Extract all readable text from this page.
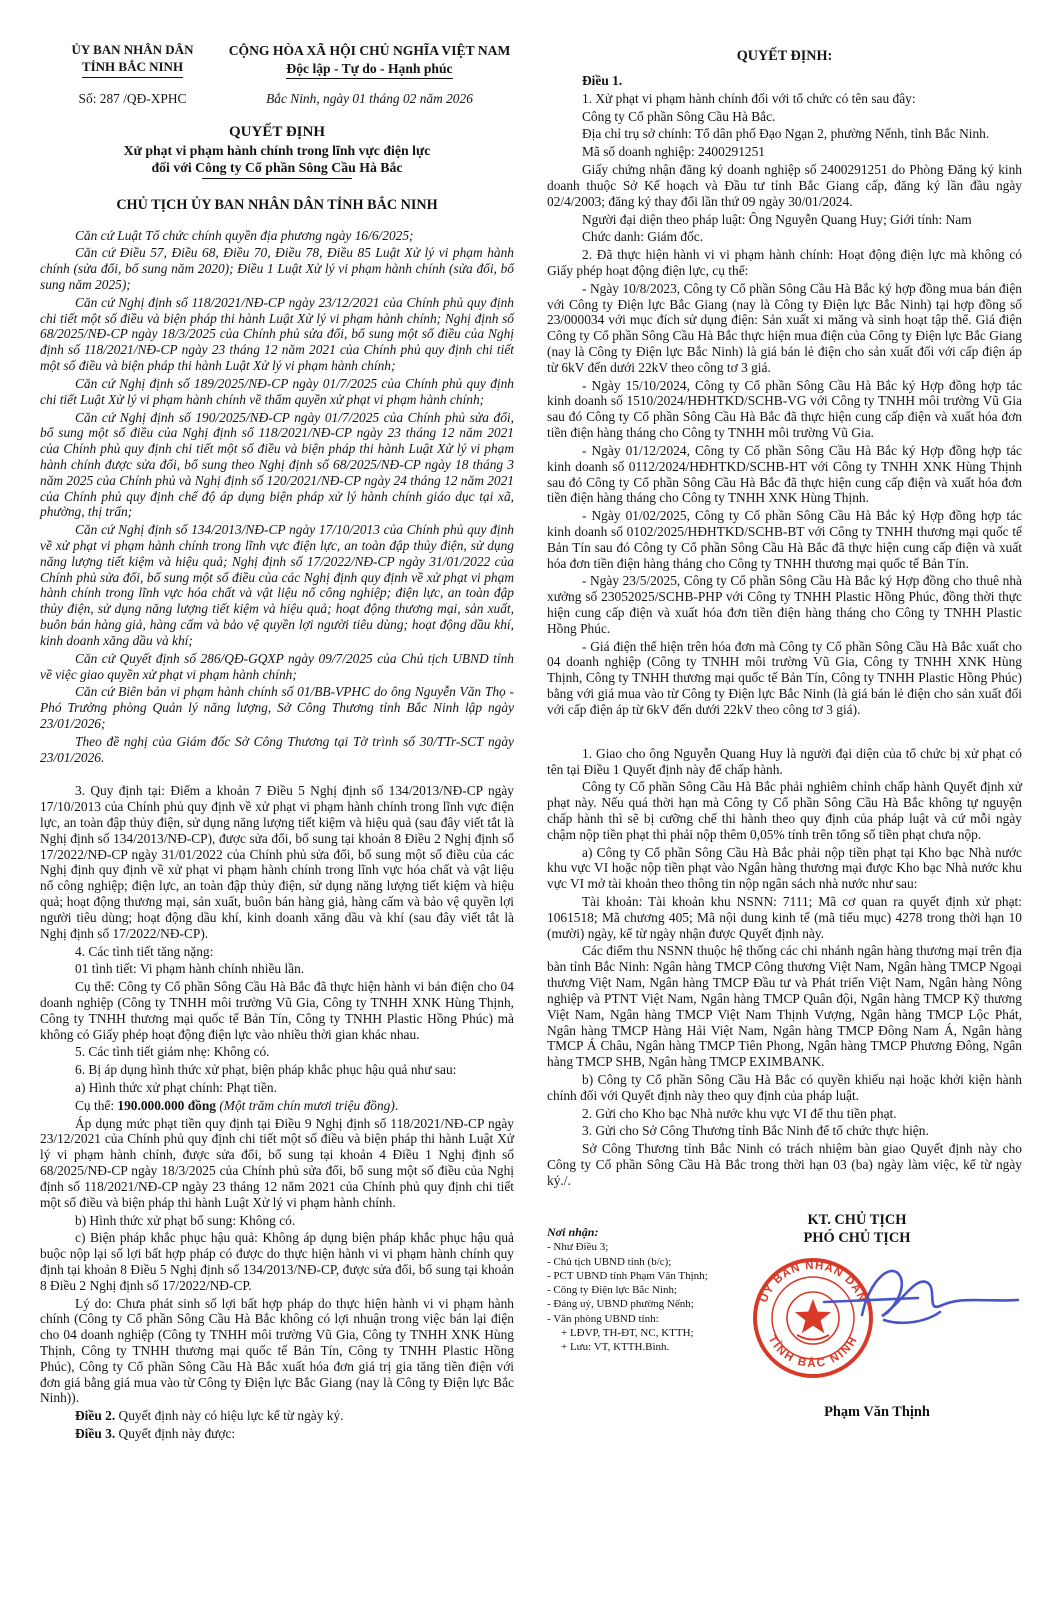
ỦY BAN NHÂN DÂN
TỈNH BẮC NINH
CỘNG HÒA XÃ HỘI CHỦ NGHĨA VIỆT NAM
Độc lập - Tự do - Hạnh phúc
Số: 287 /QĐ-XPHC	Bắc Ninh, ngày 01 tháng 02 năm 2026
QUYẾT ĐỊNH
Xử phạt vi phạm hành chính trong lĩnh vực điện lực
đối với Công ty Cổ phần Sông Cầu Hà Bắc
CHỦ TỊCH ỦY BAN NHÂN DÂN TỈNH BẮC NINH

Căn cứ Luật Tổ chức chính quyền địa phương ngày 16/6/2025;

Căn cứ Điều 57, Điều 68, Điều 70, Điều 78, Điều 85 Luật Xử lý vi phạm hành chính (sửa đổi, bổ sung năm 2020); Điều 1 Luật Xử lý vi phạm hành chính (sửa đổi, bổ sung năm 2025);

Căn cứ Nghị định số 118/2021/NĐ-CP ngày 23/12/2021 của Chính phủ quy định chi tiết một số điều và biện pháp thi hành Luật Xử lý vi phạm hành chính; Nghị định số 68/2025/NĐ-CP ngày 18/3/2025 của Chính phủ sửa đổi, bổ sung một số điều của Nghị định số 118/2021/NĐ-CP ngày 23 tháng 12 năm 2021 của Chính phủ quy định chi tiết một số điều và biện pháp thi hành Luật Xử lý vi phạm hành chính;

Căn cứ Nghị định số 189/2025/NĐ-CP ngày 01/7/2025 của Chính phủ quy định chi tiết Luật Xử lý vi phạm hành chính về thẩm quyền xử phạt vi phạm hành chính;

Căn cứ Nghị định số 190/2025/NĐ-CP ngày 01/7/2025 của Chính phủ sửa đổi, bổ sung một số điều của Nghị định số 118/2021/NĐ-CP ngày 23 tháng 12 năm 2021 của Chính phủ quy định chi tiết một số điều và biện pháp thi hành Luật Xử lý vi phạm hành chính được sửa đổi, bổ sung theo Nghị định số 68/2025/NĐ-CP ngày 18 tháng 3 năm 2025 của Chính phủ và Nghị định số 120/2021/NĐ-CP ngày 24 tháng 12 năm 2021 của Chính phủ quy định chế độ áp dụng biện pháp xử lý hành chính giáo dục tại xã, phường, thị trấn;

Căn cứ Nghị định số 134/2013/NĐ-CP ngày 17/10/2013 của Chính phủ quy định về xử phạt vi phạm hành chính trong lĩnh vực điện lực, an toàn đập thủy điện, sử dụng năng lượng tiết kiệm và hiệu quả; Nghị định số 17/2022/NĐ-CP ngày 31/01/2022 của Chính phủ sửa đổi, bổ sung một số điều của các Nghị định quy định về xử phạt vi phạm hành chính trong lĩnh vực hóa chất và vật liệu nổ công nghiệp; điện lực, an toàn đập thủy điện, sử dụng năng lượng tiết kiệm và hiệu quả; hoạt động thương mại, sản xuất, buôn bán hàng giả, hàng cấm và bảo vệ quyền lợi người tiêu dùng; hoạt động dầu khí, kinh doanh xăng dầu và khí;

Căn cứ Quyết định số 286/QĐ-GQXP ngày 09/7/2025 của Chủ tịch UBND tỉnh về việc giao quyền xử phạt vi phạm hành chính;

Căn cứ Biên bản vi phạm hành chính số 01/BB-VPHC do ông Nguyễn Văn Thọ - Phó Trưởng phòng Quản lý năng lượng, Sở Công Thương tỉnh Bắc Ninh lập ngày 23/01/2026;

Theo đề nghị của Giám đốc Sở Công Thương tại Tờ trình số 30/TTr-SCT ngày 23/01/2026.

3. Quy định tại: Điểm a khoản 7 Điều 5 Nghị định số 134/2013/NĐ-CP ngày 17/10/2013 của Chính phủ quy định về xử phạt vi phạm hành chính trong lĩnh vực điện lực, an toàn đập thủy điện, sử dụng năng lượng tiết kiệm và hiệu quả (sau đây viết tắt là Nghị định số 134/2013/NĐ-CP), được sửa đổi, bổ sung tại khoản 8 Điều 2 Nghị định số 17/2022/NĐ-CP ngày 31/01/2022 của Chính phủ sửa đổi, bổ sung một số điều của các Nghị định quy định về xử phạt vi phạm hành chính trong lĩnh vực hóa chất và vật liệu nổ công nghiệp; điện lực, an toàn đập thủy điện, sử dụng năng lượng tiết kiệm và hiệu quả; hoạt động thương mại, sản xuất, buôn bán hàng giả, hàng cấm và bảo vệ quyền lợi người tiêu dùng; hoạt động dầu khí, kinh doanh xăng dầu và khí (sau đây viết tắt là Nghị định số 17/2022/NĐ-CP).

4. Các tình tiết tăng nặng:

01 tình tiết: Vi phạm hành chính nhiều lần.

Cụ thể: Công ty Cổ phần Sông Cầu Hà Bắc đã thực hiện hành vi bán điện cho 04 doanh nghiệp (Công ty TNHH môi trường Vũ Gia, Công ty TNHH XNK Hùng Thịnh, Công ty TNHH thương mại quốc tế Bản Tín, Công ty TNHH Plastic Hồng Phúc) mà không có Giấy phép hoạt động điện lực vào nhiều thời gian khác nhau.

5. Các tình tiết giảm nhẹ: Không có.

6. Bị áp dụng hình thức xử phạt, biện pháp khắc phục hậu quả như sau:

a) Hình thức xử phạt chính: Phạt tiền.

Cụ thể: 190.000.000 đồng (Một trăm chín mươi triệu đồng).

Áp dụng mức phạt tiền quy định tại Điều 9 Nghị định số 118/2021/NĐ-CP ngày 23/12/2021 của Chính phủ quy định chi tiết một số điều và biện pháp thi hành Luật Xử lý vi phạm hành chính, được sửa đổi, bổ sung tại khoản 4 Điều 1 Nghị định số 68/2025/NĐ-CP ngày 18/3/2025 của Chính phủ sửa đổi, bổ sung một số điều của Nghị định số 118/2021/NĐ-CP ngày 23 tháng 12 năm 2021 của Chính phủ quy định chi tiết một số điều và biện pháp thi hành Luật Xử lý vi phạm hành chính.

b) Hình thức xử phạt bổ sung: Không có.

c) Biện pháp khắc phục hậu quả: Không áp dụng biện pháp khắc phục hậu quả buộc nộp lại số lợi bất hợp pháp có được do thực hiện hành vi vi phạm hành chính quy định tại khoản 8 Điều 5 Nghị định số 134/2013/NĐ-CP, được sửa đổi, bổ sung tại khoản 8 Điều 2 Nghị định số 17/2022/NĐ-CP.

Lý do: Chưa phát sinh số lợi bất hợp pháp do thực hiện hành vi vi phạm hành chính (Công ty Cổ phần Sông Cầu Hà Bắc không có lợi nhuận trong việc bán lại điện cho 04 doanh nghiệp (Công ty TNHH môi trường Vũ Gia, Công ty TNHH XNK Hùng Thịnh, Công ty TNHH thương mại quốc tế Bản Tín, Công ty TNHH Plastic Hồng Phúc), Công ty Cổ phần Sông Cầu Hà Bắc xuất hóa đơn giá trị gia tăng tiền điện với đơn giá bằng giá mua vào từ Công ty Điện lực Bắc Giang (nay là Công ty Điện lực Bắc Ninh)).

Điều 2. Quyết định này có hiệu lực kể từ ngày ký.

Điều 3. Quyết định này được:

QUYẾT ĐỊNH:

Điều 1.

1. Xử phạt vi phạm hành chính đối với tổ chức có tên sau đây:

Công ty Cổ phần Sông Cầu Hà Bắc.

Địa chỉ trụ sở chính: Tổ dân phố Đạo Ngạn 2, phường Nếnh, tỉnh Bắc Ninh.

Mã số doanh nghiệp: 2400291251

Giấy chứng nhận đăng ký doanh nghiệp số 2400291251 do Phòng Đăng ký kinh doanh thuộc Sở Kế hoạch và Đầu tư tỉnh Bắc Giang cấp, đăng ký lần đầu ngày 02/4/2003; đăng ký thay đổi lần thứ 09 ngày 30/01/2024.

Người đại diện theo pháp luật: Ông Nguyễn Quang Huy; Giới tính: Nam

Chức danh: Giám đốc.

2. Đã thực hiện hành vi vi phạm hành chính: Hoạt động điện lực mà không có Giấy phép hoạt động điện lực, cụ thể:

- Ngày 10/8/2023, Công ty Cổ phần Sông Cầu Hà Bắc ký hợp đồng mua bán điện với Công ty Điện lực Bắc Giang (nay là Công ty Điện lực Bắc Ninh) tại hợp đồng số 23/000034 với mục đích sử dụng điện: Sản xuất xi măng và sinh hoạt tập thể. Giá điện Công ty Cổ phần Sông Cầu Hà Bắc thực hiện mua điện của Công ty Điện lực Bắc Giang (nay là Công ty Điện lực Bắc Ninh) là giá bán lẻ điện cho sản xuất đối với cấp điện áp từ 6kV đến dưới 22kV theo công tơ 3 giá.

- Ngày 15/10/2024, Công ty Cổ phần Sông Cầu Hà Bắc ký Hợp đồng hợp tác kinh doanh số 1510/2024/HĐHTKD/SCHB-VG với Công ty TNHH môi trường Vũ Gia sau đó Công ty Cổ phần Sông Cầu Hà Bắc đã thực hiện cung cấp điện và xuất hóa đơn tiền điện hàng tháng cho Công ty TNHH môi trường Vũ Gia.

- Ngày 01/12/2024, Công ty Cổ phần Sông Cầu Hà Bắc ký Hợp đồng hợp tác kinh doanh số 0112/2024/HĐHTKD/SCHB-HT với Công ty TNHH XNK Hùng Thịnh sau đó Công ty Cổ phần Sông Cầu Hà Bắc đã thực hiện cung cấp điện và xuất hóa đơn tiền điện hàng tháng cho Công ty TNHH XNK Hùng Thịnh.

- Ngày 01/02/2025, Công ty Cổ phần Sông Cầu Hà Bắc ký Hợp đồng hợp tác kinh doanh số 0102/2025/HĐHTKD/SCHB-BT với Công ty TNHH thương mại quốc tế Bản Tín sau đó Công ty Cổ phần Sông Cầu Hà Bắc đã thực hiện cung cấp điện và xuất hóa đơn tiền điện hàng tháng cho Công ty TNHH thương mại quốc tế Bản Tín.

- Ngày 23/5/2025, Công ty Cổ phần Sông Cầu Hà Bắc ký Hợp đồng cho thuê nhà xưởng số 23052025/SCHB-PHP với Công ty TNHH Plastic Hồng Phúc, đồng thời thực hiện cung cấp điện và xuất hóa đơn tiền điện hàng tháng cho Công ty TNHH Plastic Hồng Phúc.

- Giá điện thể hiện trên hóa đơn mà Công ty Cổ phần Sông Cầu Hà Bắc xuất cho 04 doanh nghiệp (Công ty TNHH môi trường Vũ Gia, Công ty TNHH XNK Hùng Thịnh, Công ty TNHH thương mại quốc tế Bản Tín, Công ty TNHH Plastic Hồng Phúc) bằng với giá mua vào từ Công ty Điện lực Bắc Ninh (là giá bán lẻ điện cho sản xuất đối với cấp điện áp từ 6kV đến dưới 22kV theo công tơ 3 giá).

1. Giao cho ông Nguyễn Quang Huy là người đại diện của tổ chức bị xử phạt có tên tại Điều 1 Quyết định này để chấp hành.

Công ty Cổ phần Sông Cầu Hà Bắc phải nghiêm chỉnh chấp hành Quyết định xử phạt này. Nếu quá thời hạn mà Công ty Cổ phần Sông Cầu Hà Bắc không tự nguyện chấp hành thì sẽ bị cưỡng chế thi hành theo quy định của pháp luật và cứ mỗi ngày chậm nộp tiền phạt thì phải nộp thêm 0,05% tính trên tổng số tiền phạt chưa nộp.

a) Công ty Cổ phần Sông Cầu Hà Bắc phải nộp tiền phạt tại Kho bạc Nhà nước khu vực VI hoặc nộp tiền phạt vào Ngân hàng thương mại được Kho bạc Nhà nước khu vực VI mở tài khoản theo thông tin nộp ngân sách nhà nước như sau:

Tài khoản: Tài khoản khu NSNN: 7111; Mã cơ quan ra quyết định xử phạt: 1061518; Mã chương 405; Mã nội dung kinh tế (mã tiểu mục) 4278 trong thời hạn 10 (mười) ngày, kể từ ngày nhận được Quyết định này.

Các điểm thu NSNN thuộc hệ thống các chi nhánh ngân hàng thương mại trên địa bàn tỉnh Bắc Ninh: Ngân hàng TMCP Công thương Việt Nam, Ngân hàng TMCP Ngoại thương Việt Nam, Ngân hàng TMCP Đầu tư và Phát triển Việt Nam, Ngân hàng Nông nghiệp và PTNT Việt Nam, Ngân hàng TMCP Quân đội, Ngân hàng TMCP Kỹ thương Việt Nam, Ngân hàng TMCP Việt Nam Thịnh Vượng, Ngân hàng TMCP Lộc Phát, Ngân hàng TMCP Hàng Hải Việt Nam, Ngân hàng TMCP Đông Nam Á, Ngân hàng TMCP Á Châu, Ngân hàng TMCP Tiên Phong, Ngân hàng TMCP Phương Đông, Ngân hàng TMCP SHB, Ngân hàng TMCP EXIMBANK.

b) Công ty Cổ phần Sông Cầu Hà Bắc có quyền khiếu nại hoặc khởi kiện hành chính đối với Quyết định này theo quy định của pháp luật.

2. Gửi cho Kho bạc Nhà nước khu vực VI để thu tiền phạt.

3. Gửi cho Sở Công Thương tỉnh Bắc Ninh để tổ chức thực hiện.

Sở Công Thương tỉnh Bắc Ninh có trách nhiệm bàn giao Quyết định này cho Công ty Cổ phần Sông Cầu Hà Bắc trong thời hạn 03 (ba) ngày làm việc, kể từ ngày ký./.

Nơi nhận:
- Như Điều 3;
- Chủ tịch UBND tỉnh (b/c);
- PCT UBND tỉnh Phạm Văn Thịnh;
- Công ty Điện lực Bắc Ninh;
- Đảng uỷ, UBND phường Nếnh;
- Văn phòng UBND tỉnh:
+ LĐVP, TH-ĐT, NC, KTTH;
+ Lưu: VT, KTTH.Bình.
KT. CHỦ TỊCH
PHÓ CHỦ TỊCH
ỦY BAN NHÂN DÂN
TỈNH BẮC NINH
Phạm Văn Thịnh
